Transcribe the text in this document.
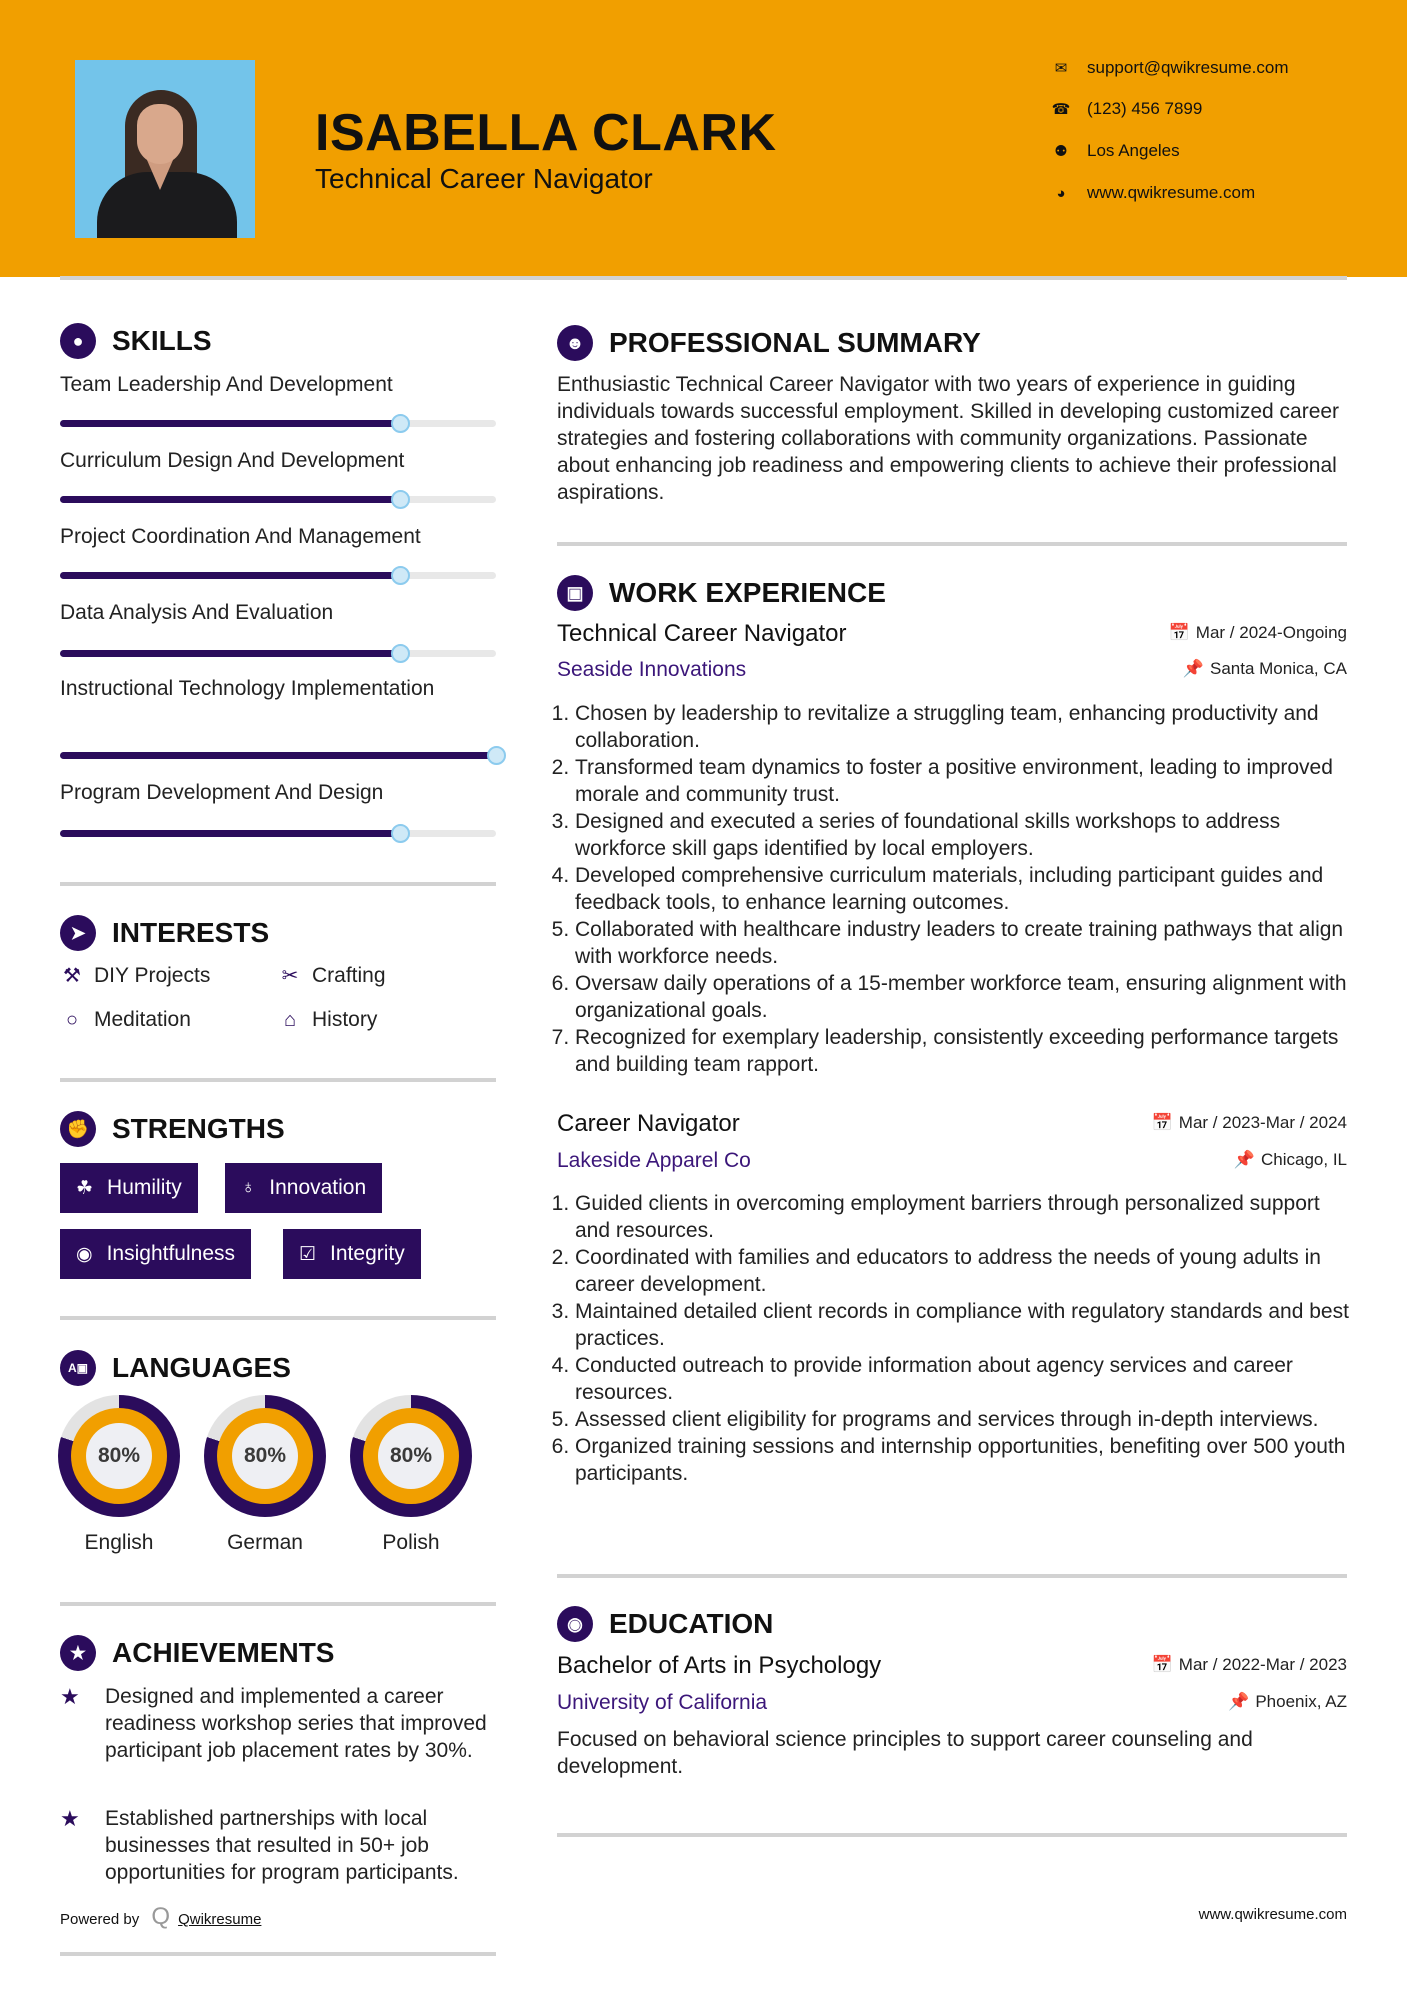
ISABELLA CLARK
Technical Career Navigator
✉ support@qwikresume.com
☎ (123) 456 7899
⚉ Los Angeles
◕	www.qwikresume.com
●	SKILLS
Team Leadership And Development
Curriculum Design And Development
Project Coordination And Management
Data Analysis And Evaluation
Instructional Technology Implementation
Program Development And Design
➤ INTERESTS
⚒ DIY Projects	✂ Crafting
○ Meditation	⌂ History
✊ STRENGTHS
☘ Humility	♁ Innovation
◉ Insightfulness	☑ Integrity
A▣ LANGUAGES
80%
English
80%
German
80%
Polish
★ ACHIEVEMENTS
★	Designed and implemented a career readiness workshop series that improved participant job placement rates by 30%.
★	Established partnerships with local businesses that resulted in 50+ job opportunities for program participants.
☻ PROFESSIONAL SUMMARY
Enthusiastic Technical Career Navigator with two years of experience in guiding individuals towards successful employment. Skilled in developing customized career strategies and fostering collaborations with community organizations. Passionate about enhancing job readiness and empowering clients to achieve their professional aspirations.
▣ WORK EXPERIENCE
Technical Career Navigator
Seaside Innovations
📅 Mar / 2024-Ongoing
📌 Santa Monica, CA
1. Chosen by leadership to revitalize a struggling team, enhancing productivity and collaboration.
2. Transformed team dynamics to foster a positive environment, leading to improved morale and community trust.
3. Designed and executed a series of foundational skills workshops to address workforce skill gaps identified by local employers.
4. Developed comprehensive curriculum materials, including participant guides and feedback tools, to enhance learning outcomes.
5. Collaborated with healthcare industry leaders to create training pathways that align with workforce needs.
6. Oversaw daily operations of a 15-member workforce team, ensuring alignment with organizational goals.
7. Recognized for exemplary leadership, consistently exceeding performance targets and building team rapport.
Career Navigator
Lakeside Apparel Co
📅 Mar / 2023-Mar / 2024
📌 Chicago, IL
1. Guided clients in overcoming employment barriers through personalized support and resources.
2. Coordinated with families and educators to address the needs of young adults in career development.
3. Maintained detailed client records in compliance with regulatory standards and best practices.
4. Conducted outreach to provide information about agency services and career resources.
5. Assessed client eligibility for programs and services through in-depth interviews.
6. Organized training sessions and internship opportunities, benefiting over 500 youth participants.
◉ EDUCATION
Bachelor of Arts in Psychology
University of California
📅 Mar / 2022-Mar / 2023
📌 Phoenix, AZ
Focused on behavioral science principles to support career counseling and development.
Powered by Q Qwikresume	www.qwikresume.com
